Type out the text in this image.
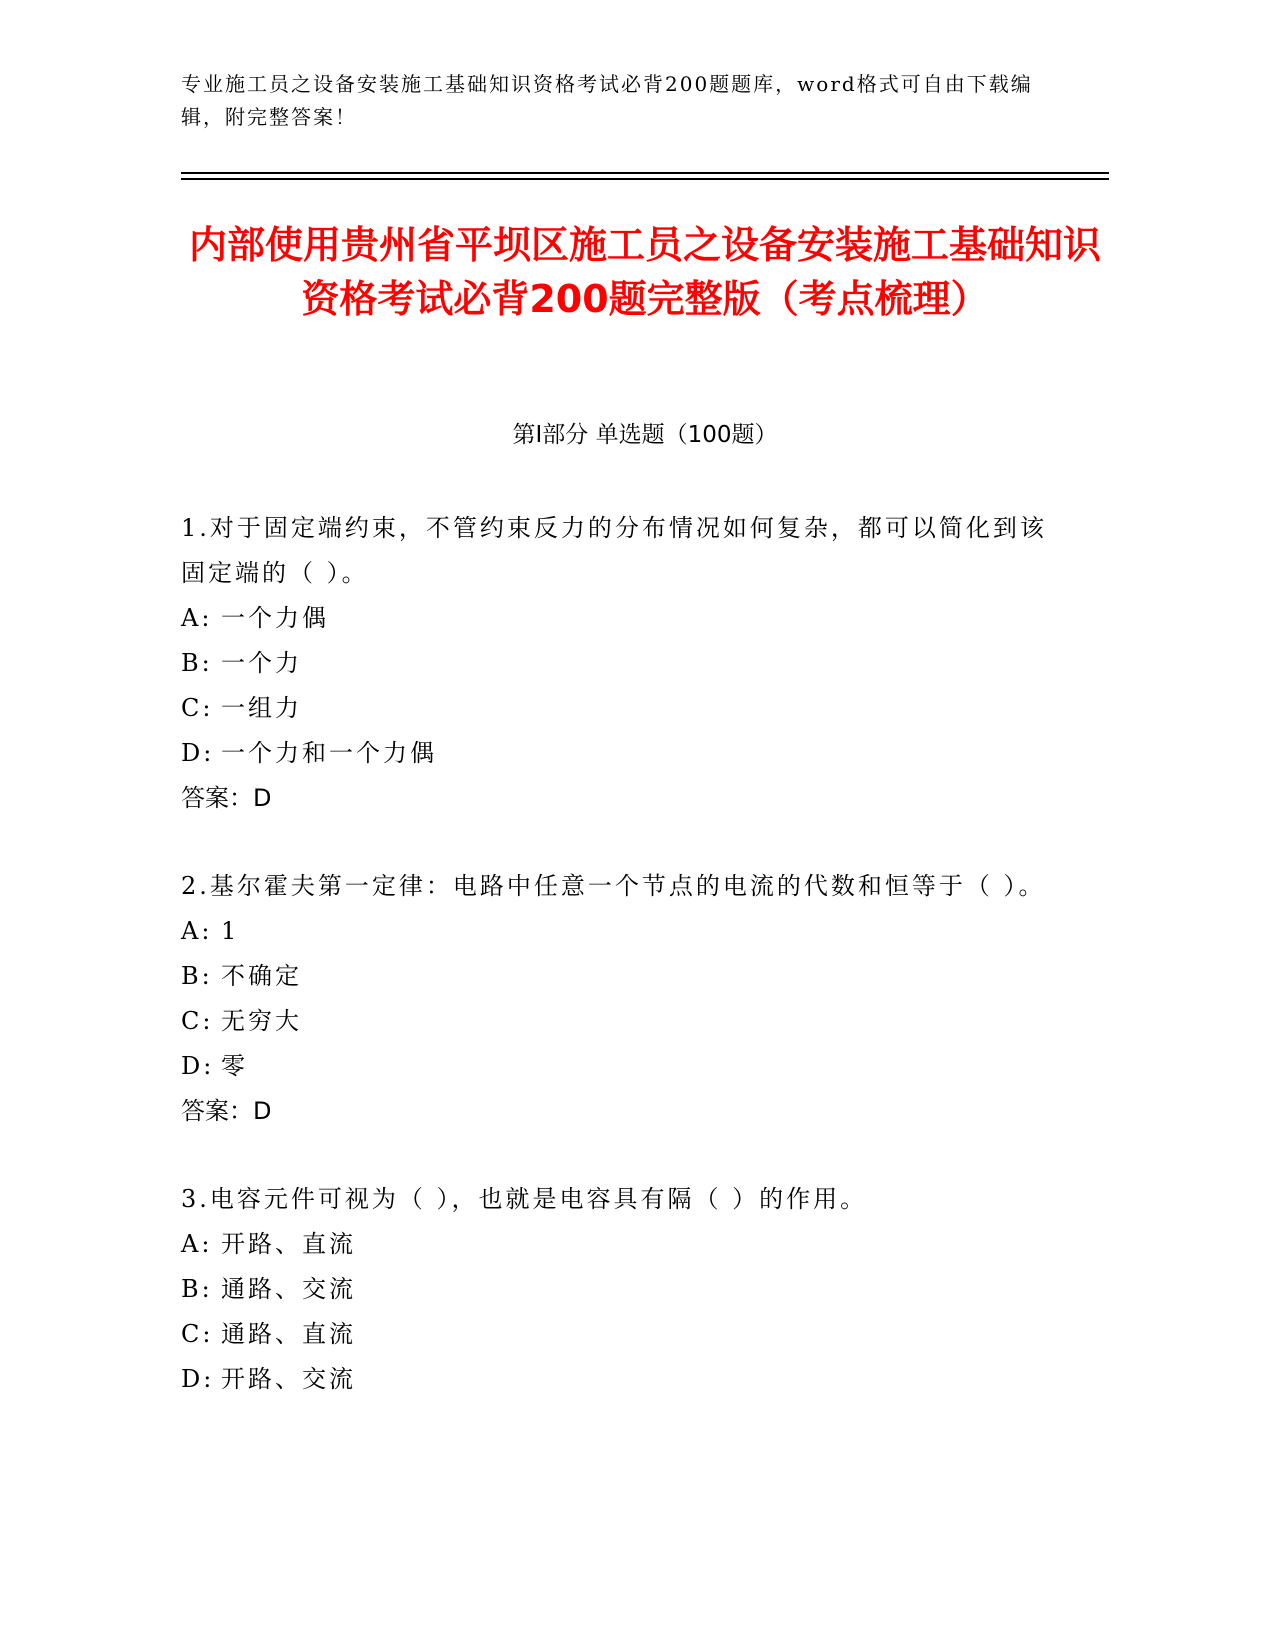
专业施工员之设备安装施工基础知识资格考试必背200题题库，word格式可自由下载编辑，附完整答案！
内部使用贵州省平坝区施工员之设备安装施工基础知识资格考试必背200题完整版（考点梳理）
第Ⅰ部分 单选题（100题）
1.对于固定端约束，不管约束反力的分布情况如何复杂，都可以简化到该固定端的（ ）。
A: 一个力偶
B: 一个力
C: 一组力
D: 一个力和一个力偶
答案：D
2.基尔霍夫第一定律：电路中任意一个节点的电流的代数和恒等于（ ）。
A: 1
B: 不确定
C: 无穷大
D: 零
答案：D
3.电容元件可视为（ ），也就是电容具有隔（ ）的作用。
A: 开路、直流
B: 通路、交流
C: 通路、直流
D: 开路、交流
